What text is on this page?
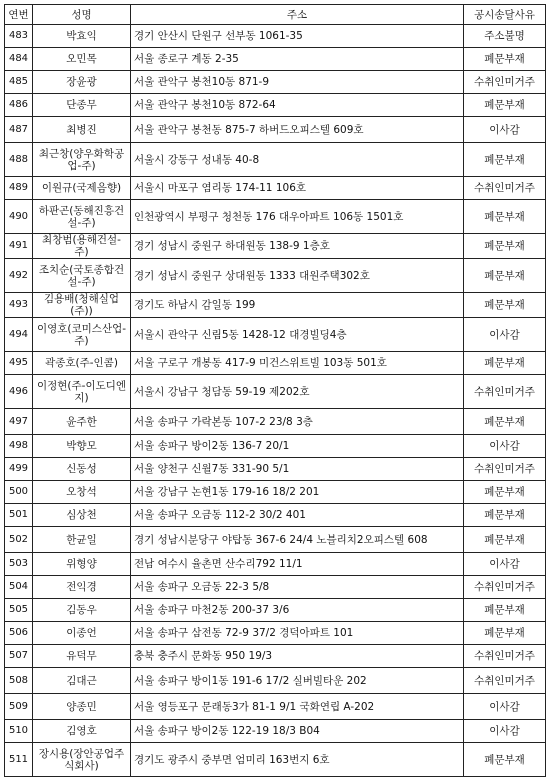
연번	성명	주소	공시송달사유
483	박효익	경기 안산시 단원구 선부동 1061-35	주소불명
484	오민목	서울 종로구 계동 2-35	폐문부재
485	장윤광	서울 관악구 봉천10동 871-9	수취인미거주
486	단종무	서울 관악구 봉천10동 872-64	폐문부재
487	최병진	서울 관악구 봉천동 875-7 하버드오피스텔 609호	이사감
488	최근창(양우화학공업-주)	서울시 강동구 성내동 40-8	폐문부재
489	이원규(국제음향)	서울시 마포구 염리동 174-11 106호	수취인미거주
490	하판곤(동해진흥건설-주)	인천광역시 부평구 청천동 176 대우아파트 106동 1501호	폐문부재
491	최창범(용해건설-주)	경기 성남시 중원구 하대원동 138-9 1층호	폐문부재
492	조치순(국토종합건설-주)	경기 성남시 중원구 상대원동 1333 대원주택302호	폐문부재
493	김용배(청해실업(주))	경기도 하남시 감일동 199	폐문부재
494	이영호(코미스산업-주)	서울시 관악구 신림5동 1428-12 대경빌딩4층	이사감
495	곽종호(주-인콤)	서울 구로구 개봉동 417-9 미건스위트빌 103동 501호	폐문부재
496	이정현(주-이도디엔지)	서울시 강남구 청담동 59-19 제202호	수취인미거주
497	윤주한	서울 송파구 가락본동 107-2 23/8 3층	폐문부재
498	박향모	서울 송파구 방이2동 136-7 20/1	이사감
499	신동성	서울 양천구 신월7동 331-90 5/1	수취인미거주
500	오창석	서울 강남구 논현1동 179-16 18/2 201	폐문부재
501	심상천	서울 송파구 오금동 112-2 30/2 401	폐문부재
502	한균일	경기 성남시분당구 야탑동 367-6 24/4 노블리치2오피스텔 608	폐문부재
503	위형양	전남 여수시 율촌면 산수리792 11/1	이사감
504	전익경	서울 송파구 오금동 22-3 5/8	수취인미거주
505	김동우	서울 송파구 마천2동 200-37 3/6	폐문부재
506	이종언	서울 송파구 삼전동 72-9 37/2 경덕아파트 101	폐문부재
507	유덕무	충북 충주시 문화동 950 19/3	수취인미거주
508	김대근	서울 송파구 방이1동 191-6 17/2 실버빌타운 202	수취인미거주
509	양종민	서울 영등포구 문래동3가 81-1 9/1 국화연립 A-202	이사감
510	김영호	서울 송파구 방이2동 122-19 18/3 B04	이사감
511	장시용(장안공업주식회사)	경기도 광주시 중부면 엄미리 163번지 6호	폐문부재
